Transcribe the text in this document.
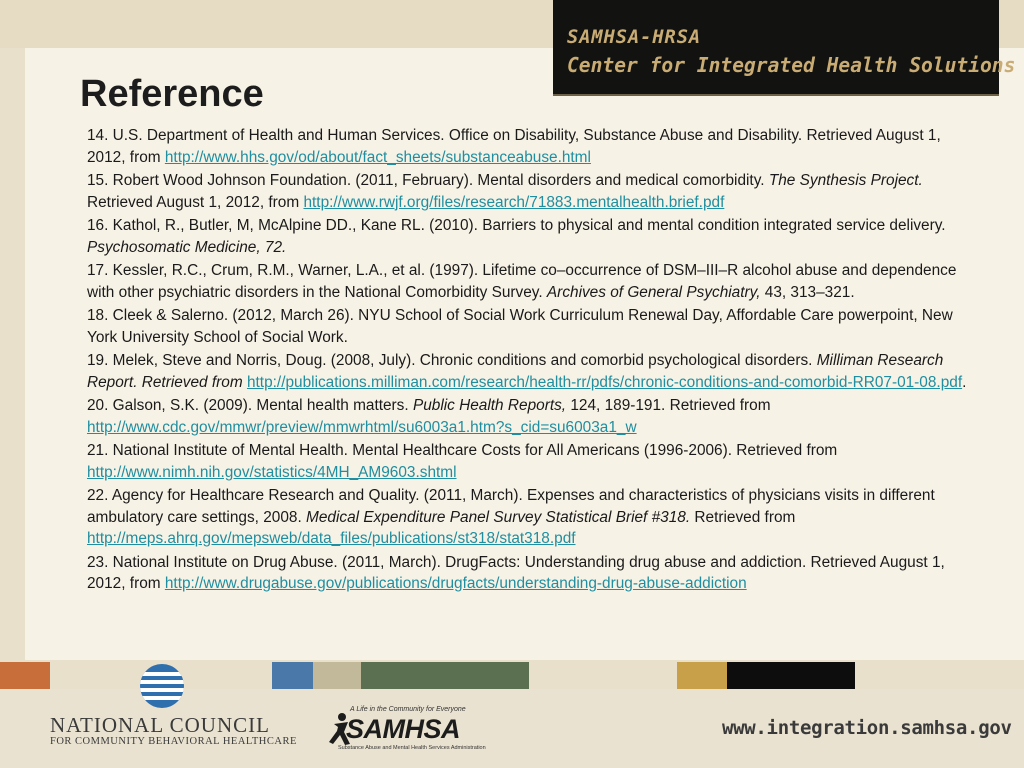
SAMHSA-HRSA
Center for Integrated Health Solutions
Reference
14. U.S. Department of Health and Human Services. Office on Disability, Substance Abuse and Disability. Retrieved August 1, 2012, from http://www.hhs.gov/od/about/fact_sheets/substanceabuse.html
15. Robert Wood Johnson Foundation. (2011, February). Mental disorders and medical comorbidity. The Synthesis Project. Retrieved August 1, 2012, from http://www.rwjf.org/files/research/71883.mentalhealth.brief.pdf
16. Kathol, R., Butler, M, McAlpine DD., Kane RL. (2010). Barriers to physical and mental condition integrated service delivery. Psychosomatic Medicine, 72.
17. Kessler, R.C., Crum, R.M., Warner, L.A., et al. (1997). Lifetime co–occurrence of DSM–III–R alcohol abuse and dependence with other psychiatric disorders in the National Comorbidity Survey. Archives of General Psychiatry, 43, 313–321.
18. Cleek & Salerno. (2012, March 26). NYU School of Social Work Curriculum Renewal Day, Affordable Care powerpoint, New York University School of Social Work.
19. Melek, Steve and Norris, Doug. (2008, July). Chronic conditions and comorbid psychological disorders. Milliman Research Report. Retrieved from http://publications.milliman.com/research/health-rr/pdfs/chronic-conditions-and-comorbid-RR07-01-08.pdf.
20. Galson, S.K. (2009). Mental health matters. Public Health Reports, 124, 189-191. Retrieved from http://www.cdc.gov/mmwr/preview/mmwrhtml/su6003a1.htm?s_cid=su6003a1_w
21. National Institute of Mental Health. Mental Healthcare Costs for All Americans (1996-2006). Retrieved from http://www.nimh.nih.gov/statistics/4MH_AM9603.shtml
22. Agency for Healthcare Research and Quality. (2011, March). Expenses and characteristics of physicians visits in different ambulatory care settings, 2008. Medical Expenditure Panel Survey Statistical Brief #318. Retrieved from http://meps.ahrq.gov/mepsweb/data_files/publications/st318/stat318.pdf
23. National Institute on Drug Abuse. (2011, March). DrugFacts: Understanding drug abuse and addiction. Retrieved August 1, 2012, from http://www.drugabuse.gov/publications/drugfacts/understanding-drug-abuse-addiction
NATIONAL COUNCIL
FOR COMMUNITY BEHAVIORAL HEALTHCARE
A Life in the Community for Everyone
SAMHSA
Substance Abuse and Mental Health Services Administration
www.integration.samhsa.gov
